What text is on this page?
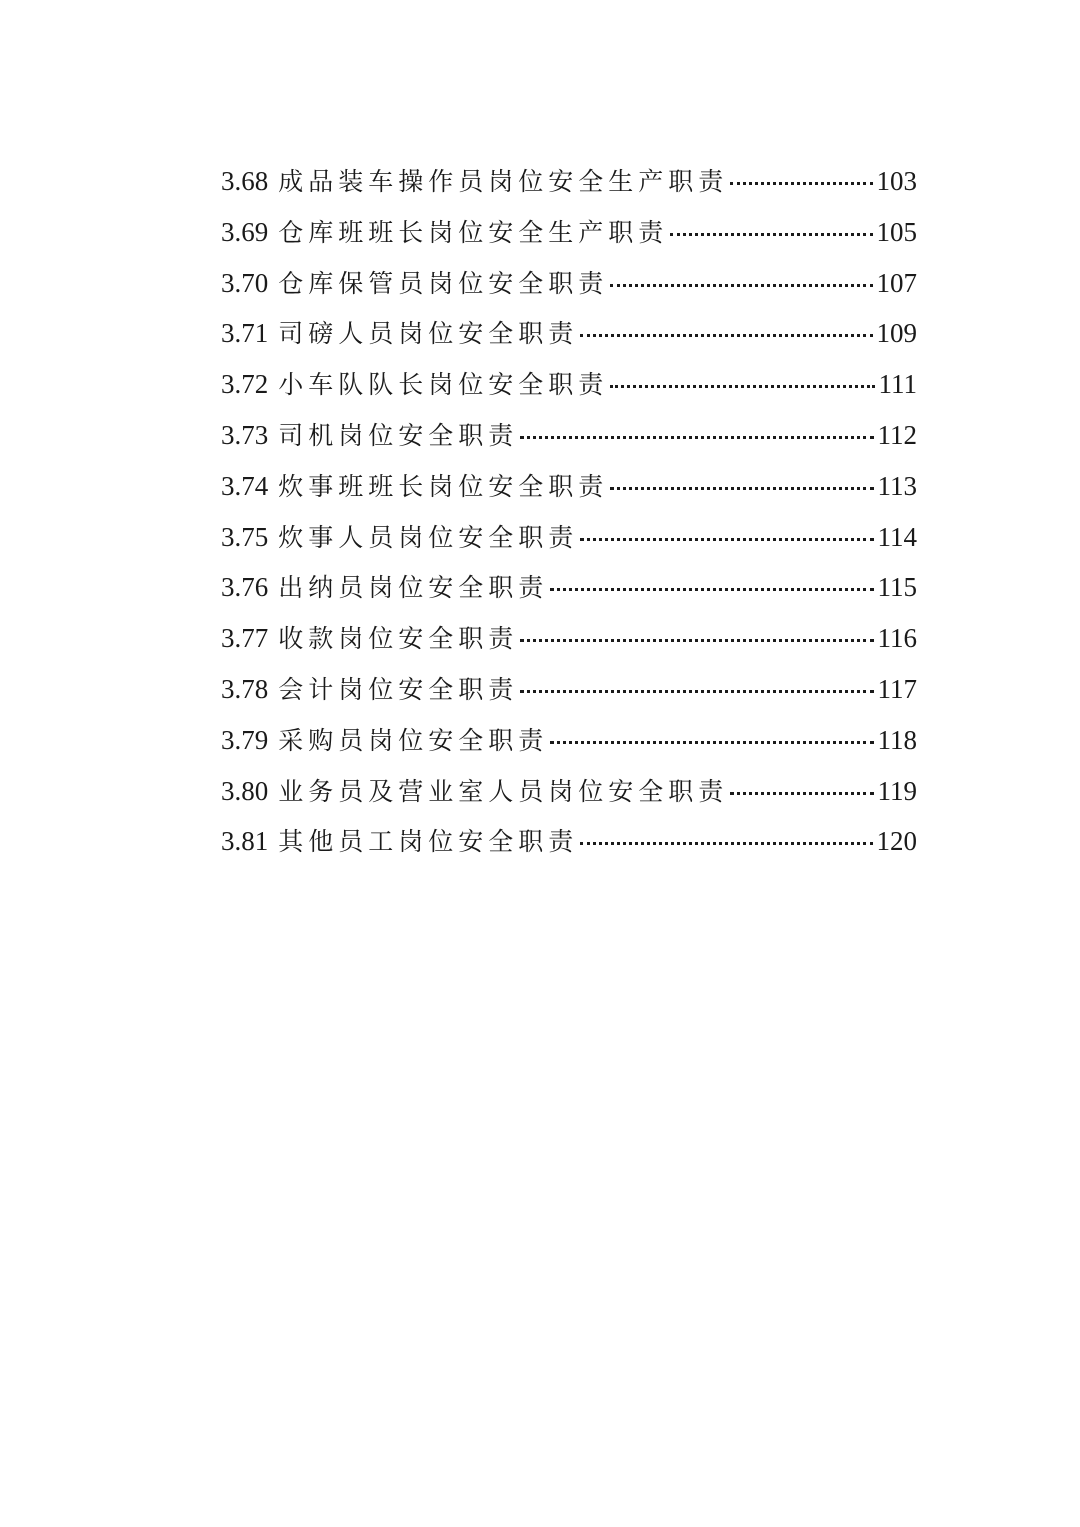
3.68 成品装车操作员岗位安全生产职责	103
3.69 仓库班班长岗位安全生产职责	105
3.70 仓库保管员岗位安全职责	107
3.71 司磅人员岗位安全职责	109
3.72 小车队队长岗位安全职责	111
3.73 司机岗位安全职责	112
3.74 炊事班班长岗位安全职责	113
3.75 炊事人员岗位安全职责	114
3.76 出纳员岗位安全职责	115
3.77 收款岗位安全职责	116
3.78 会计岗位安全职责	117
3.79 采购员岗位安全职责	118
3.80 业务员及营业室人员岗位安全职责	119
3.81 其他员工岗位安全职责	120
